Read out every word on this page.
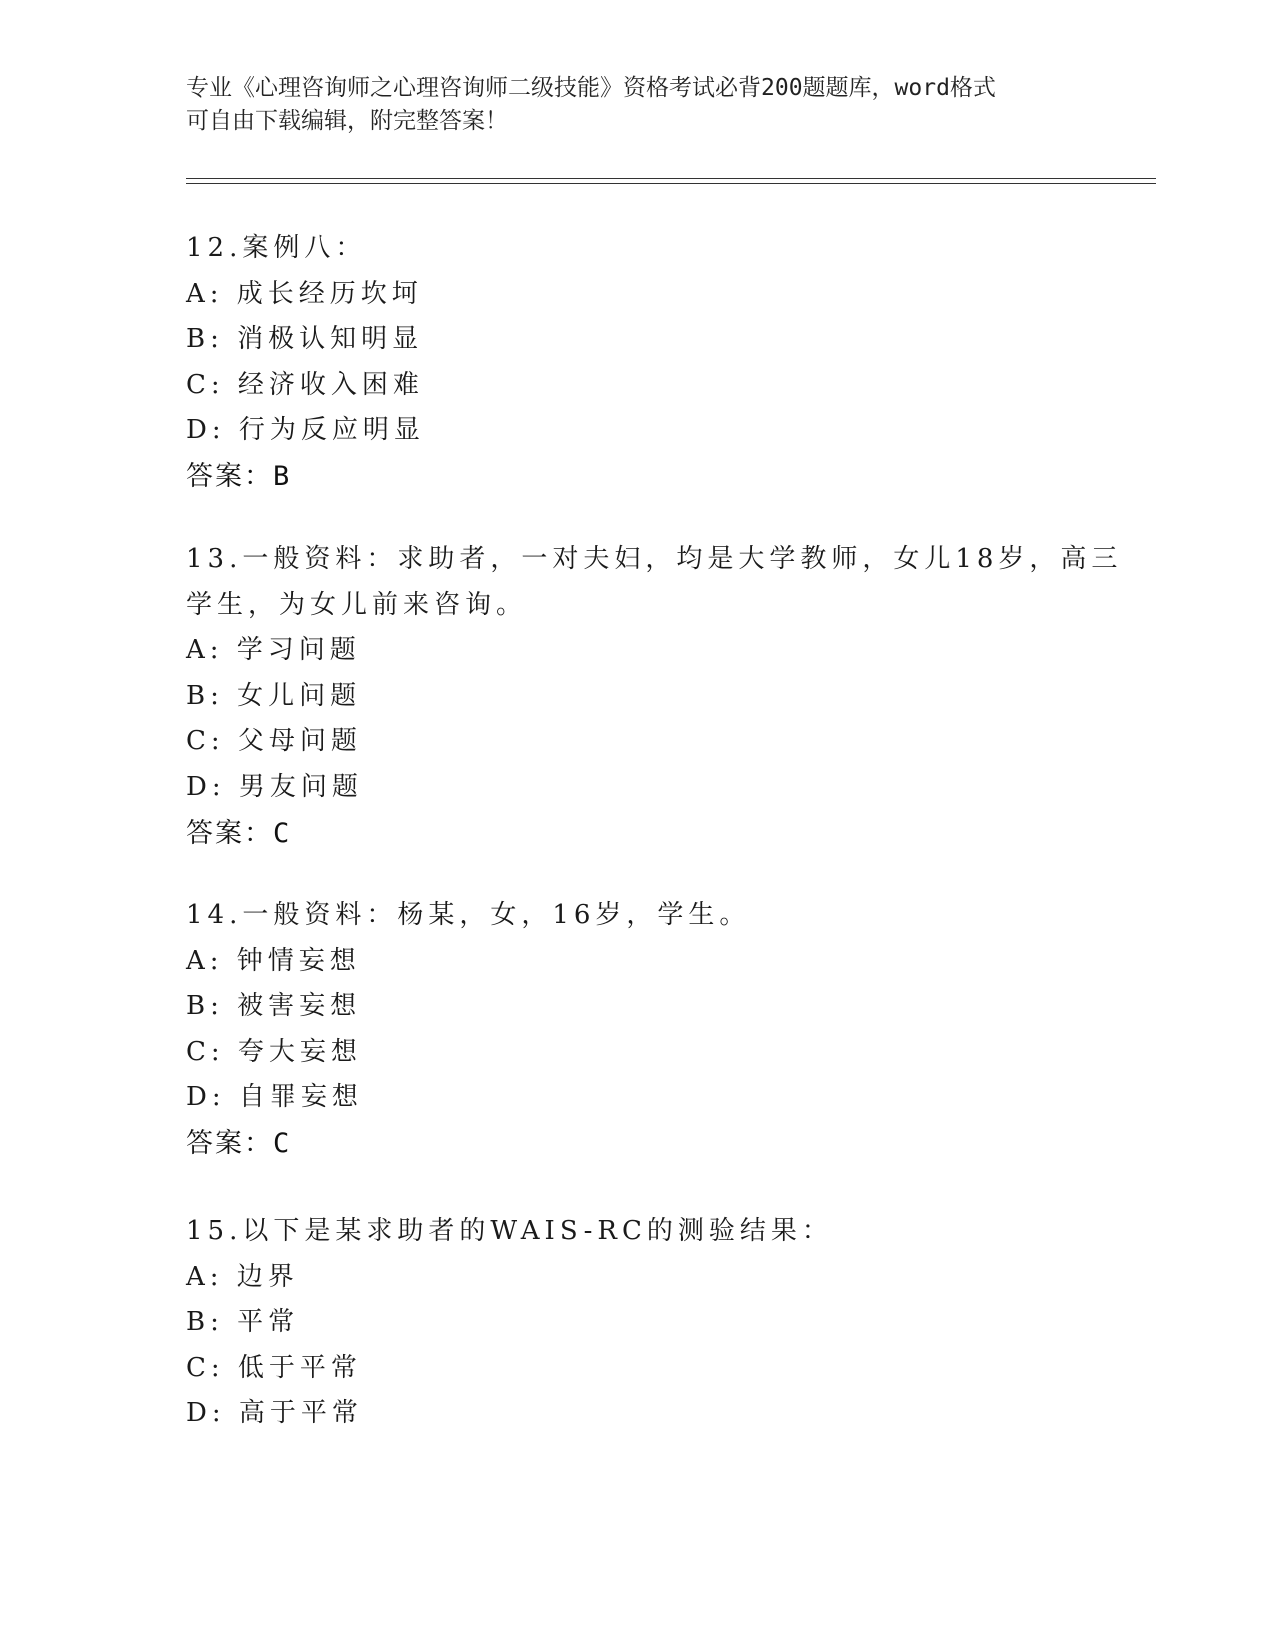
专业《心理咨询师之心理咨询师二级技能》资格考试必背200题题库，word格式
可自由下载编辑，附完整答案！
12.案例八：
A: 成长经历坎坷
B: 消极认知明显
C: 经济收入困难
D: 行为反应明显
答案：B
13.一般资料：求助者，一对夫妇，均是大学教师，女儿18岁，高三
学生，为女儿前来咨询。
A: 学习问题
B: 女儿问题
C: 父母问题
D: 男友问题
答案：C
14.一般资料：杨某，女，16岁，学生。
A: 钟情妄想
B: 被害妄想
C: 夸大妄想
D: 自罪妄想
答案：C
15.以下是某求助者的WAIS-RC的测验结果：
A: 边界
B: 平常
C: 低于平常
D: 高于平常
